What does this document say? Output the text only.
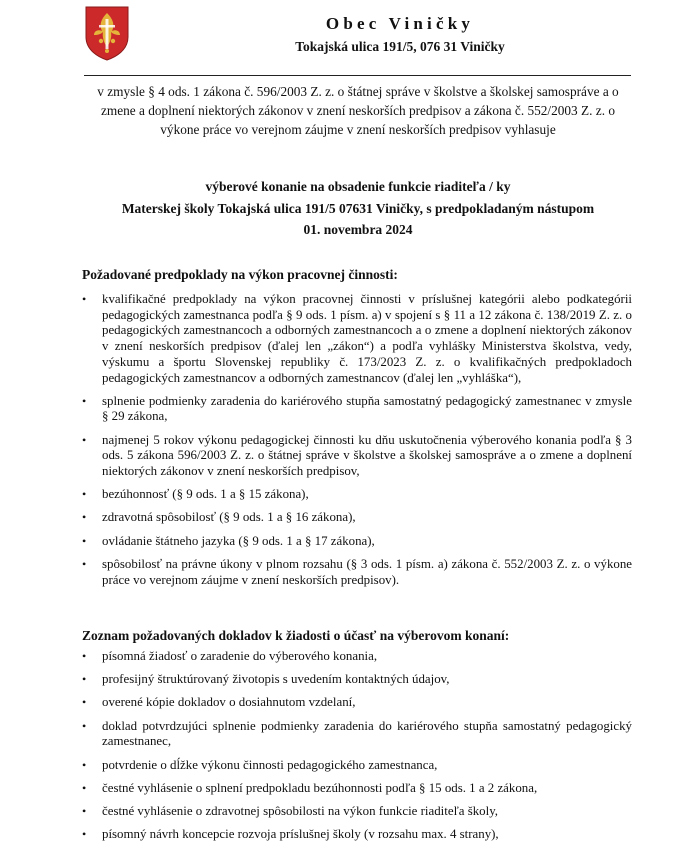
Obec Viničky
Tokajská ulica 191/5, 076 31 Viničky
v zmysle § 4 ods. 1 zákona č. 596/2003 Z. z. o štátnej správe v školstve a školskej samospráve a o zmene a doplnení niektorých zákonov v znení neskorších predpisov a zákona č. 552/2003 Z. z. o výkone práce vo verejnom záujme v znení neskorších predpisov vyhlasuje
výberové konanie na obsadenie funkcie riaditeľa / ky
Materskej školy Tokajská ulica 191/5 07631 Viničky, s predpokladaným nástupom
01. novembra 2024
Požadované predpoklady na výkon pracovnej činnosti:
• kvalifikačné predpoklady na výkon pracovnej činnosti v príslušnej kategórii alebo podkategórii pedagogických zamestnanca podľa § 9 ods. 1 písm. a) v spojení s § 11 a 12 zákona č. 138/2019 Z. z. o pedagogických zamestnancoch a odborných zamestnancoch a o zmene a doplnení niektorých zákonov v znení neskorších predpisov (ďalej len „zákon“) a podľa vyhlášky Ministerstva školstva, vedy, výskumu a športu Slovenskej republiky č. 173/2023 Z. z. o kvalifikačných predpokladoch pedagogických zamestnancov a odborných zamestnancov (ďalej len „vyhláška“),
• splnenie podmienky zaradenia do kariérového stupňa samostatný pedagogický zamestnanec v zmysle § 29 zákona,
• najmenej 5 rokov výkonu pedagogickej činnosti ku dňu uskutočnenia výberového konania podľa § 3 ods. 5 zákona 596/2003 Z. z. o štátnej správe v školstve a školskej samospráve a o zmene a doplnení niektorých zákonov v znení neskorších predpisov,
• bezúhonnosť (§ 9 ods. 1 a § 15 zákona),
• zdravotná spôsobilosť (§ 9 ods. 1 a § 16 zákona),
• ovládanie štátneho jazyka (§ 9 ods. 1 a § 17 zákona),
• spôsobilosť na právne úkony v plnom rozsahu (§ 3 ods. 1 písm. a) zákona č. 552/2003 Z. z. o výkone práce vo verejnom záujme v znení neskorších predpisov).
Zoznam požadovaných dokladov k žiadosti o účasť na výberovom konaní:
• písomná žiadosť o zaradenie do výberového konania,
• profesijný štruktúrovaný životopis s uvedením kontaktných údajov,
• overené kópie dokladov o dosiahnutom vzdelaní,
• doklad potvrdzujúci splnenie podmienky zaradenia do kariérového stupňa samostatný pedagogický zamestnanec,
• potvrdenie o dĺžke výkonu činnosti pedagogického zamestnanca,
• čestné vyhlásenie o splnení predpokladu bezúhonnosti podľa § 15 ods. 1 a 2 zákona,
• čestné vyhlásenie o zdravotnej spôsobilosti na výkon funkcie riaditeľa školy,
• písomný návrh koncepcie rozvoja príslušnej školy (v rozsahu max. 4 strany),
